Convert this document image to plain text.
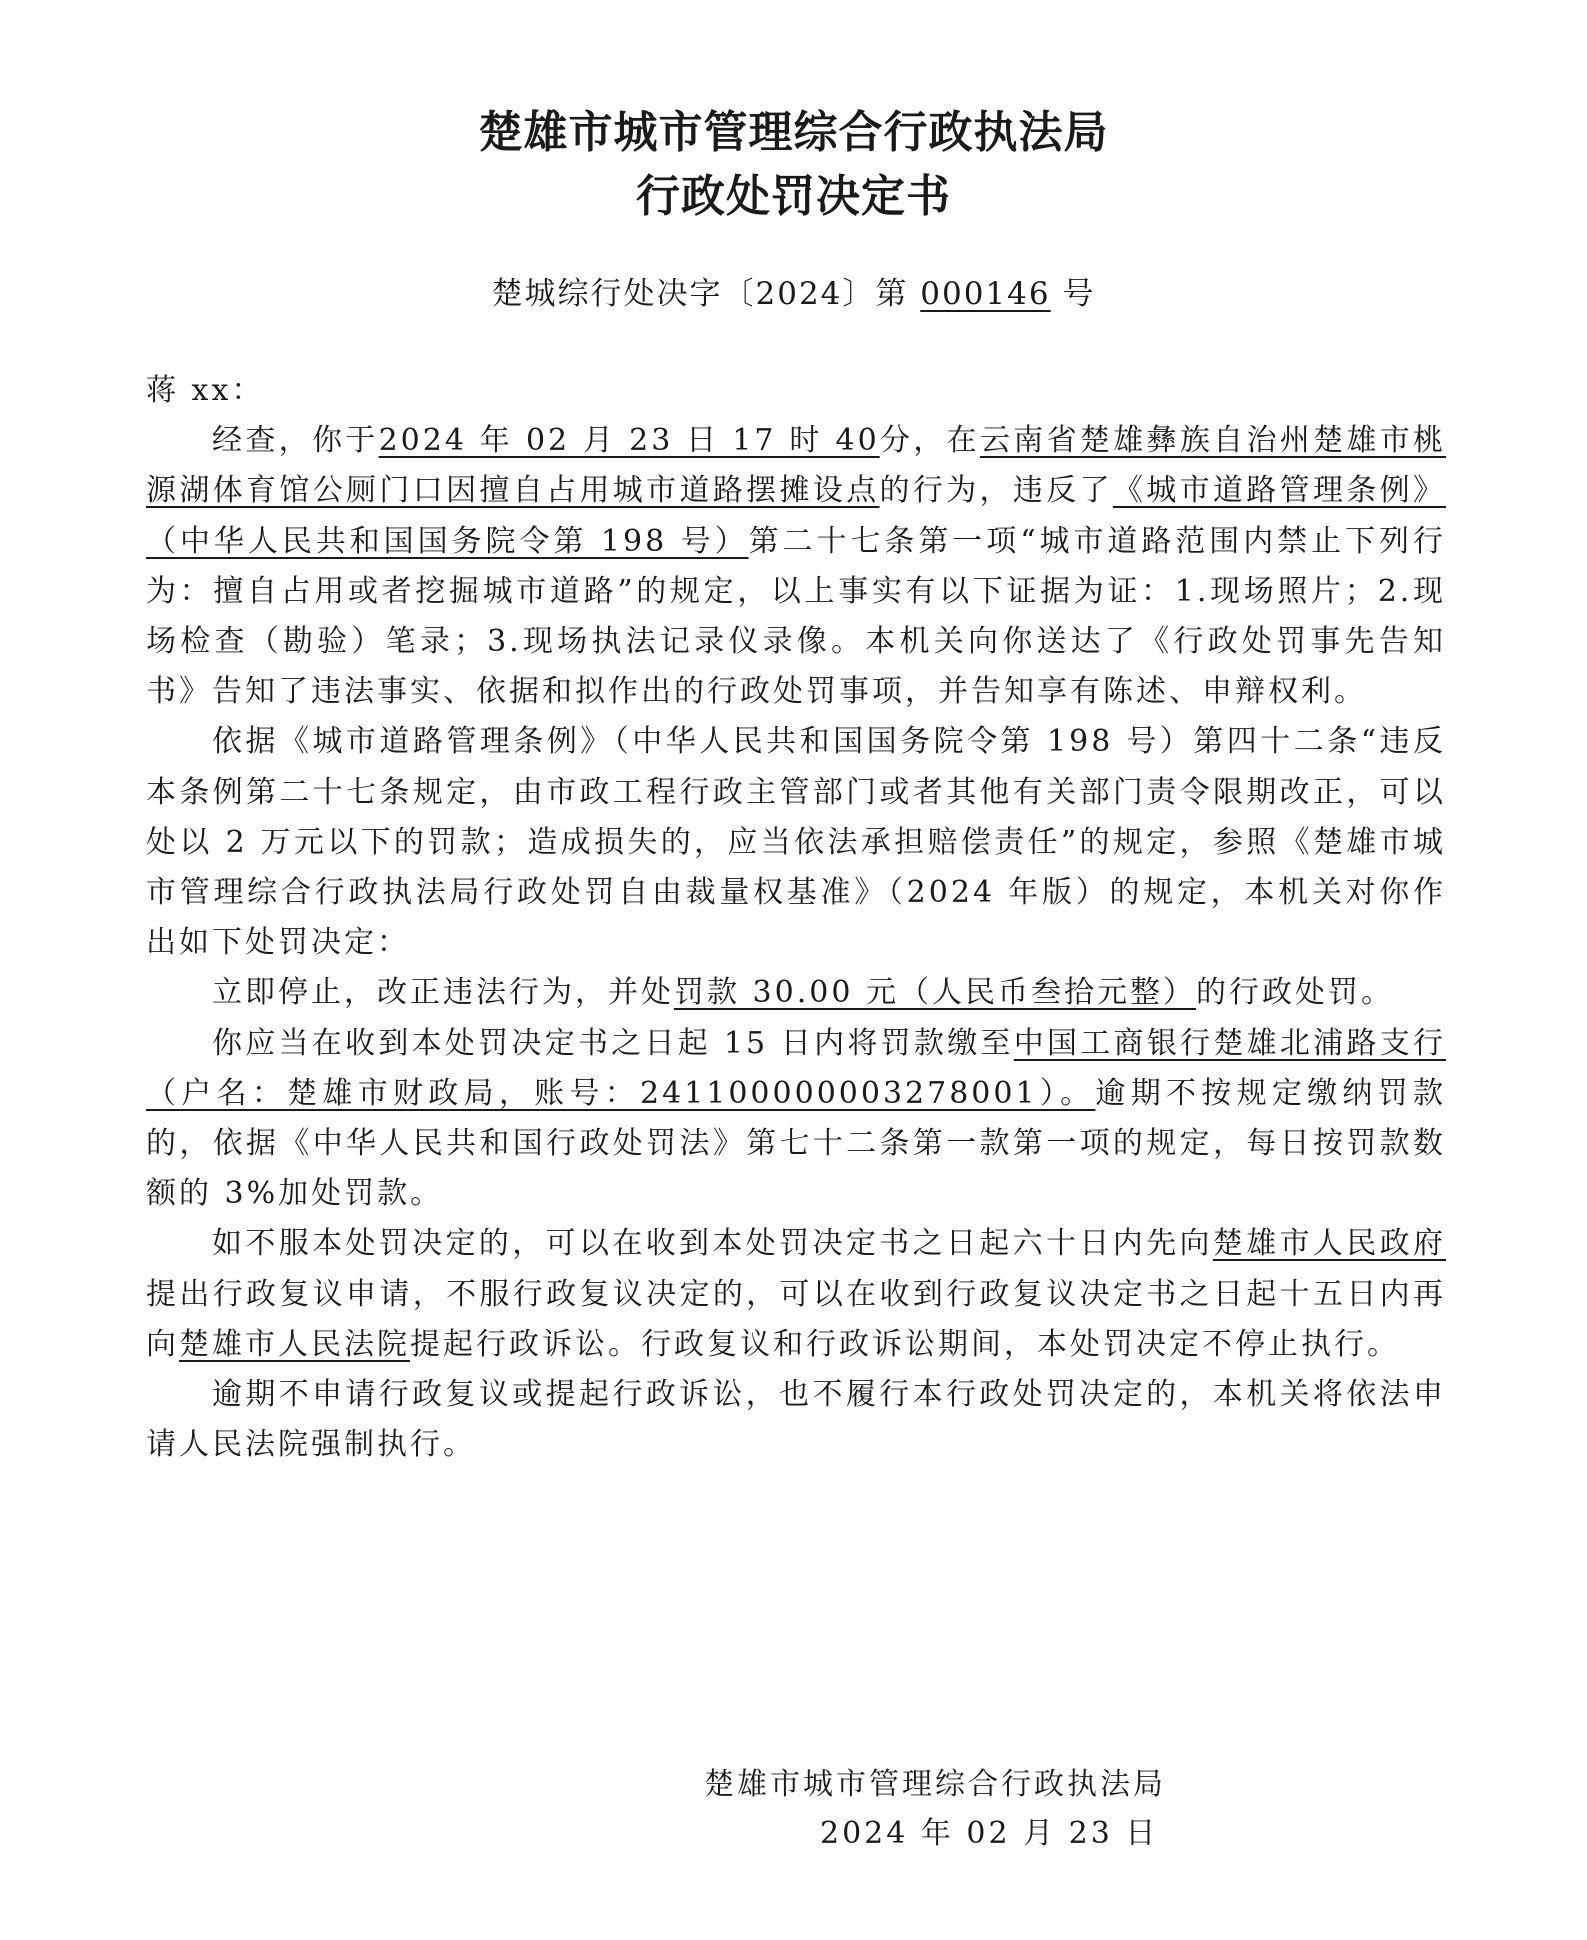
楚雄市城市管理综合行政执法局
行政处罚决定书
楚城综行处决字〔2024〕第 000146 号

蒋 xx：

经查，你于2024 年 02 月 23 日 17 时 40分，在云南省楚雄彝族自治州楚雄市桃源湖体育馆公厕门口因擅自占用城市道路摆摊设点的行为，违反了《城市道路管理条例》（中华人民共和国国务院令第 198 号）第二十七条第一项“城市道路范围内禁止下列行为：擅自占用或者挖掘城市道路”的规定，以上事实有以下证据为证：1.现场照片；2.现场检查（勘验）笔录；3.现场执法记录仪录像。本机关向你送达了《行政处罚事先告知书》告知了违法事实、依据和拟作出的行政处罚事项，并告知享有陈述、申辩权利。

依据《城市道路管理条例》（中华人民共和国国务院令第 198 号）第四十二条“违反本条例第二十七条规定，由市政工程行政主管部门或者其他有关部门责令限期改正，可以处以 2 万元以下的罚款；造成损失的，应当依法承担赔偿责任”的规定，参照《楚雄市城市管理综合行政执法局行政处罚自由裁量权基准》（2024 年版）的规定，本机关对你作出如下处罚决定：

立即停止，改正违法行为，并处罚款 30.00 元（人民币叁拾元整）的行政处罚。

你应当在收到本处罚决定书之日起 15 日内将罚款缴至中国工商银行楚雄北浦路支行（户名：楚雄市财政局，账号：241100000003278001）。逾期不按规定缴纳罚款的，依据《中华人民共和国行政处罚法》第七十二条第一款第一项的规定，每日按罚款数额的 3%加处罚款。

如不服本处罚决定的，可以在收到本处罚决定书之日起六十日内先向楚雄市人民政府提出行政复议申请，不服行政复议决定的，可以在收到行政复议决定书之日起十五日内再向楚雄市人民法院提起行政诉讼。行政复议和行政诉讼期间，本处罚决定不停止执行。

逾期不申请行政复议或提起行政诉讼，也不履行本行政处罚决定的，本机关将依法申请人民法院强制执行。

楚雄市城市管理综合行政执法局
2024 年 02 月 23 日
